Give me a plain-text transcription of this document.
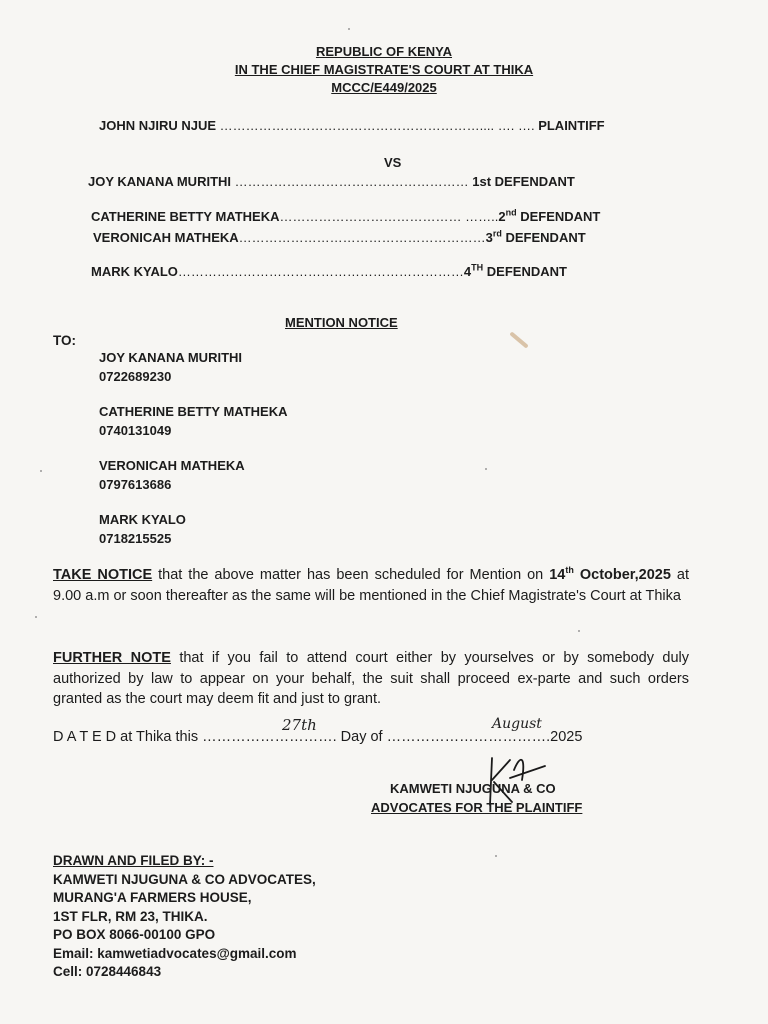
REPUBLIC OF KENYA
IN THE CHIEF MAGISTRATE'S COURT AT THIKA
MCCC/E449/2025
JOHN NJIRU NJUE …………………………………………………….... …. …. PLAINTIFF
VS
JOY KANANA MURITHI ……………………………………………… 1st DEFENDANT
CATHERINE BETTY MATHEKA…………………………………… ……..2nd DEFENDANT
VERONICAH MATHEKA…………………………………………………3rd DEFENDANT
MARK KYALO…………………………………………………………4TH DEFENDANT
MENTION NOTICE
TO:
JOY KANANA MURITHI
0722689230
CATHERINE BETTY MATHEKA
0740131049
VERONICAH MATHEKA
0797613686
MARK KYALO
0718215525
TAKE NOTICE that the above matter has been scheduled for Mention on 14th October,2025 at 9.00 a.m or soon thereafter as the same will be mentioned in the Chief Magistrate's Court at Thika
FURTHER NOTE that if you fail to attend court either by yourselves or by somebody duly authorized by law to appear on your behalf, the suit shall proceed ex-parte and such orders granted as the court may deem fit and just to grant.
D A T E D at Thika this ………………………. Day of …………………………….2025
27th	August
KAMWETI NJUGUNA & CO
ADVOCATES FOR THE PLAINTIFF
DRAWN AND FILED BY: -
KAMWETI NJUGUNA & CO ADVOCATES,
MURANG'A FARMERS HOUSE,
1ST FLR, RM 23, THIKA.
PO BOX 8066-00100 GPO
Email: kamwetiadvocates@gmail.com
Cell: 0728446843
